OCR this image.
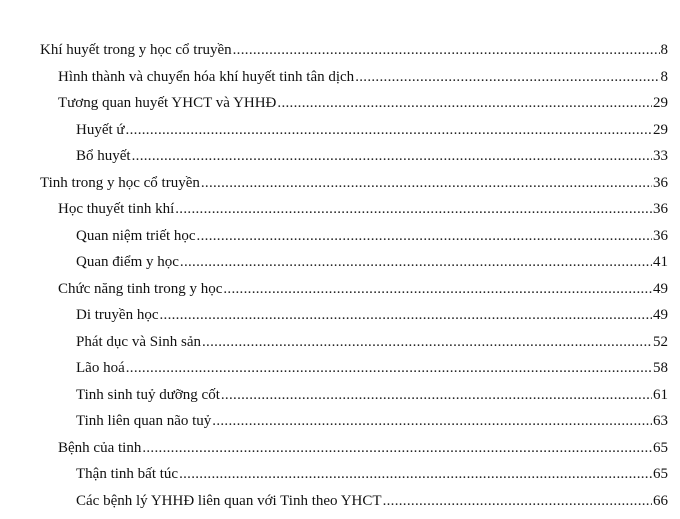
Khí huyết trong y học cổ truyền .....	8
Hình thành và chuyển hóa khí huyết tinh tân dịch .....	8
Tương quan huyết YHCT và YHHĐ .....	29
Huyết ứ .....	29
Bổ huyết .....	33
Tinh trong y học cổ truyền .....	36
Học thuyết tinh khí .....	36
Quan niệm triết học .....	36
Quan điểm y học .....	41
Chức năng tinh trong y học .....	49
Di truyền học .....	49
Phát dục và Sinh sản .....	52
Lão hoá .....	58
Tinh sinh tuỷ dưỡng cốt .....	61
Tinh liên quan não tuỷ .....	63
Bệnh của tinh .....	65
Thận tinh bất túc .....	65
Các bệnh lý YHHĐ liên quan với Tinh theo YHCT .....	66
